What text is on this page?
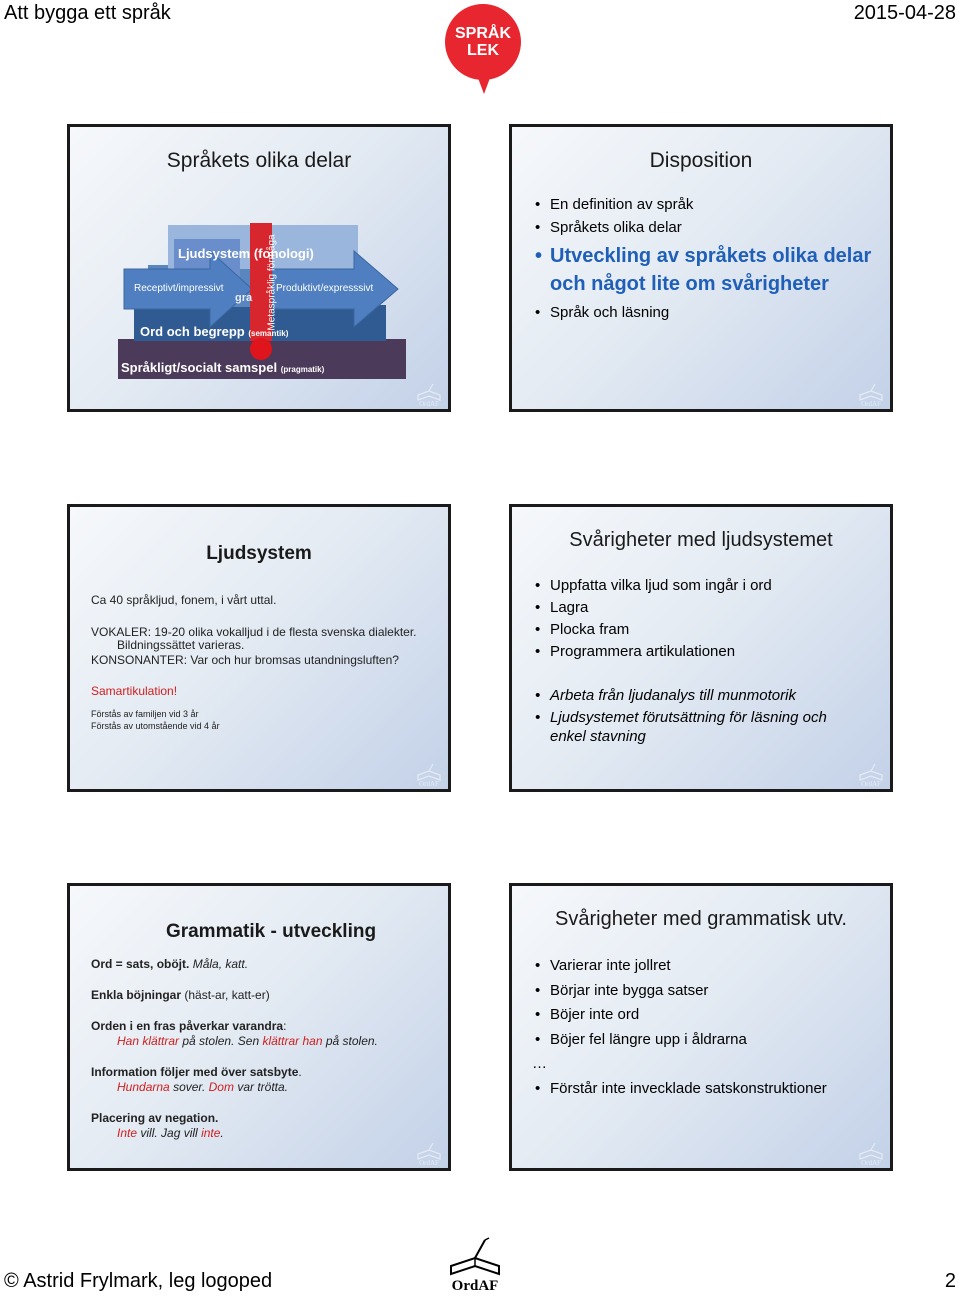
Att bygga ett språk	2015-04-28
SPRÅK
LEK
Språkets olika delar
Ljudsystem (fonologi)
Receptivt/impressivt	Produktivt/expresssivt
gra Metaspråklig förmåga
Ord och begrepp (semantik)
Språkligt/socialt samspel (pragmatik)
OrdAF
Disposition
• En definition av språk
• Språkets olika delar
• Utveckling av språkets olika delar och något lite om svårigheter
• Språk och läsning
OrdAF
Ljudsystem
Ca 40 språkljud, fonem, i vårt uttal.
VOKALER: 19-20 olika vokalljud i de flesta svenska dialekter.
Bildningssättet varieras.
KONSONANTER: Var och hur bromsas utandningsluften?
Samartikulation!
Förstås av familjen vid 3 år
Förstås av utomstående vid 4 år
OrdAF
Svårigheter med ljudsystemet
• Uppfatta vilka ljud som ingår i ord
• Lagra
• Plocka fram
• Programmera artikulationen
• Arbeta från ljudanalys till munmotorik
• Ljudsystemet förutsättning för läsning och enkel stavning
OrdAF
Grammatik - utveckling
Ord = sats, oböjt. Måla, katt.
Enkla böjningar (häst-ar, katt-er)
Orden i en fras påverkar varandra:
Han klättrar på stolen. Sen klättrar han på stolen.
Information följer med över satsbyte.
Hundarna sover. Dom var trötta.
Placering av negation.
Inte vill. Jag vill inte.
OrdAF
Svårigheter med grammatisk utv.
• Varierar inte jollret
• Börjar inte bygga satser
• Böjer inte ord
• Böjer fel längre upp i åldrarna
…
• Förstår inte invecklade satskonstruktioner
OrdAF
© Astrid Frylmark, leg logoped	OrdAF	2
